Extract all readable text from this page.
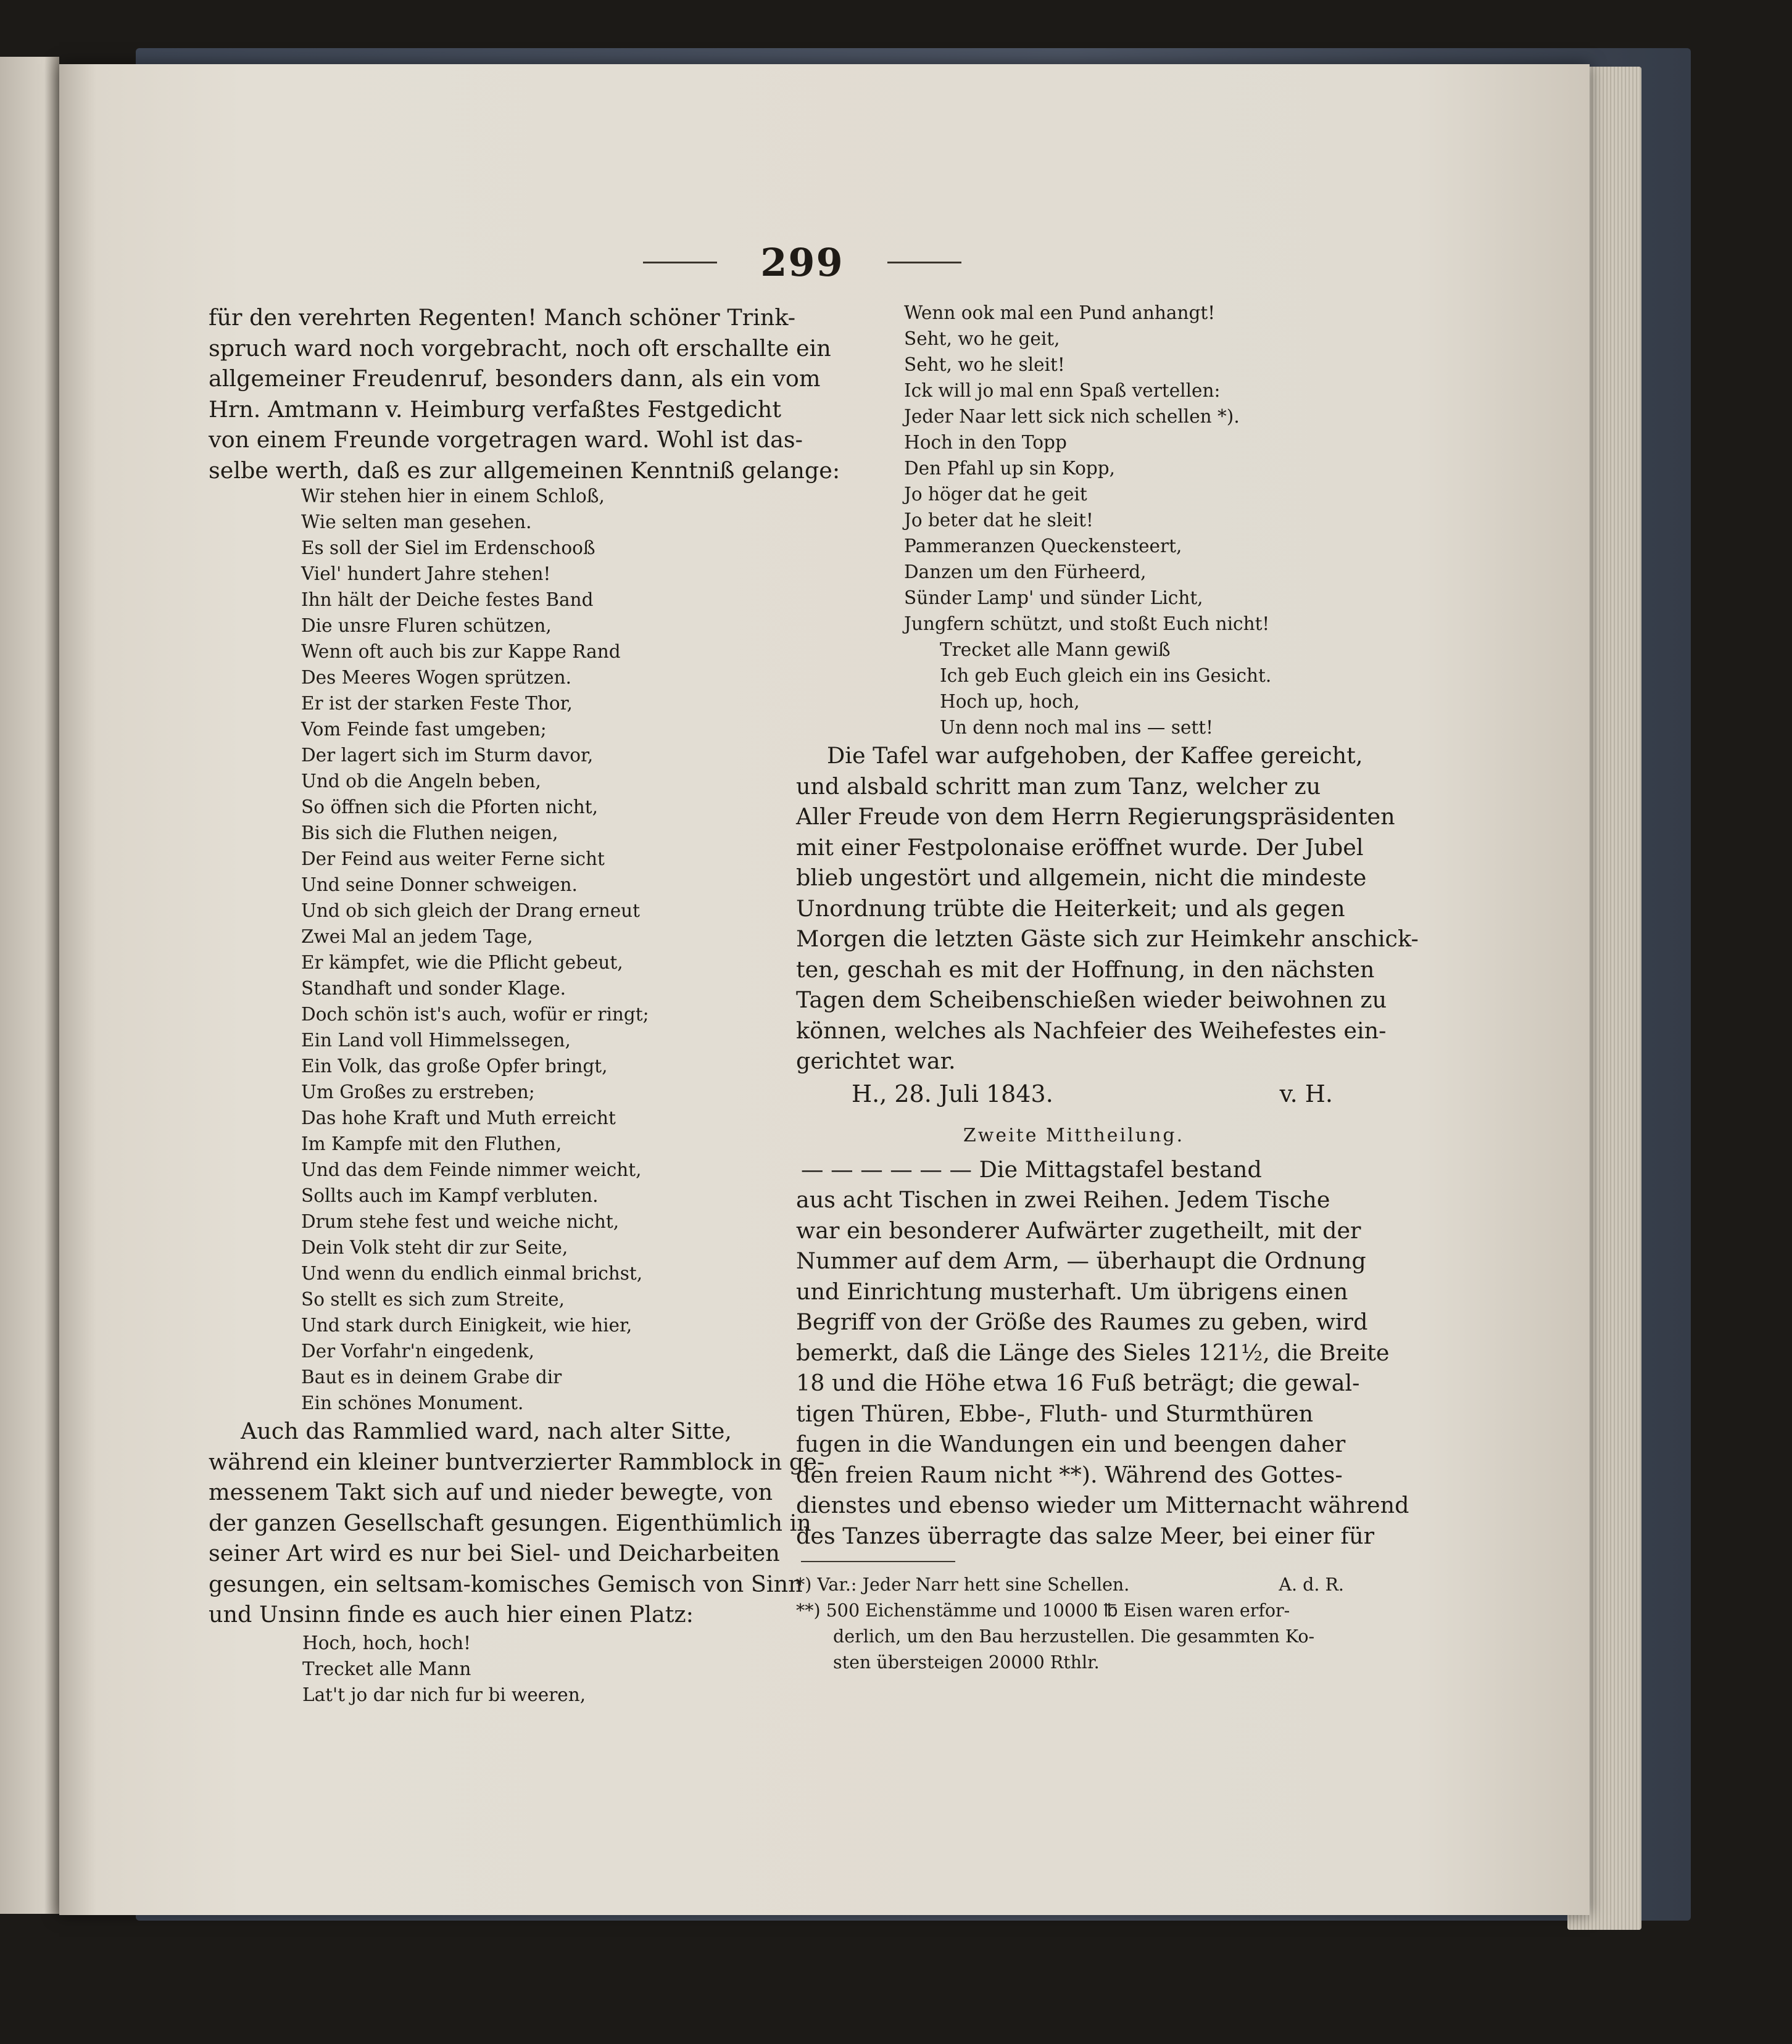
299
für den verehrten Regenten! Manch schöner Trink-
spruch ward noch vorgebracht, noch oft erschallte ein
allgemeiner Freudenruf, besonders dann, als ein vom
Hrn. Amtmann v. Heimburg verfaßtes Festgedicht
von einem Freunde vorgetragen ward. Wohl ist das-
selbe werth, daß es zur allgemeinen Kenntniß gelange:
Wir stehen hier in einem Schloß,
Wie selten man gesehen.
Es soll der Siel im Erdenschooß
Viel' hundert Jahre stehen!
Ihn hält der Deiche festes Band
Die unsre Fluren schützen,
Wenn oft auch bis zur Kappe Rand
Des Meeres Wogen sprützen.
Er ist der starken Feste Thor,
Vom Feinde fast umgeben;
Der lagert sich im Sturm davor,
Und ob die Angeln beben,
So öffnen sich die Pforten nicht,
Bis sich die Fluthen neigen,
Der Feind aus weiter Ferne sicht
Und seine Donner schweigen.
Und ob sich gleich der Drang erneut
Zwei Mal an jedem Tage,
Er kämpfet, wie die Pflicht gebeut,
Standhaft und sonder Klage.
Doch schön ist's auch, wofür er ringt;
Ein Land voll Himmelssegen,
Ein Volk, das große Opfer bringt,
Um Großes zu erstreben;
Das hohe Kraft und Muth erreicht
Im Kampfe mit den Fluthen,
Und das dem Feinde nimmer weicht,
Sollts auch im Kampf verbluten.
Drum stehe fest und weiche nicht,
Dein Volk steht dir zur Seite,
Und wenn du endlich einmal brichst,
So stellt es sich zum Streite,
Und stark durch Einigkeit, wie hier,
Der Vorfahr'n eingedenk,
Baut es in deinem Grabe dir
Ein schönes Monument.
Auch das Rammlied ward, nach alter Sitte,
während ein kleiner buntverzierter Rammblock in ge-
messenem Takt sich auf und nieder bewegte, von
der ganzen Gesellschaft gesungen. Eigenthümlich in
seiner Art wird es nur bei Siel- und Deicharbeiten
gesungen, ein seltsam-komisches Gemisch von Sinn
und Unsinn finde es auch hier einen Platz:
Hoch, hoch, hoch!
Trecket alle Mann
Lat't jo dar nich fur bi weeren,
Wenn ook mal een Pund anhangt!
Seht, wo he geit,
Seht, wo he sleit!
Ick will jo mal enn Spaß vertellen:
Jeder Naar lett sick nich schellen *).
Hoch in den Topp
Den Pfahl up sin Kopp,
Jo höger dat he geit
Jo beter dat he sleit!
Pammeranzen Queckensteert,
Danzen um den Fürheerd,
Sünder Lamp' und sünder Licht,
Jungfern schützt, und stoßt Euch nicht!
Trecket alle Mann gewiß
Ich geb Euch gleich ein ins Gesicht.
Hoch up, hoch,
Un denn noch mal ins — sett!
Die Tafel war aufgehoben, der Kaffee gereicht,
und alsbald schritt man zum Tanz, welcher zu
Aller Freude von dem Herrn Regierungspräsidenten
mit einer Festpolonaise eröffnet wurde. Der Jubel
blieb ungestört und allgemein, nicht die mindeste
Unordnung trübte die Heiterkeit; und als gegen
Morgen die letzten Gäste sich zur Heimkehr anschick-
ten, geschah es mit der Hoffnung, in den nächsten
Tagen dem Scheibenschießen wieder beiwohnen zu
können, welches als Nachfeier des Weihefestes ein-
gerichtet war.
H., 28. Juli 1843.	v. H.
Zweite Mittheilung.
— — — — — — Die Mittagstafel bestand
aus acht Tischen in zwei Reihen. Jedem Tische
war ein besonderer Aufwärter zugetheilt, mit der
Nummer auf dem Arm, — überhaupt die Ordnung
und Einrichtung musterhaft. Um übrigens einen
Begriff von der Größe des Raumes zu geben, wird
bemerkt, daß die Länge des Sieles 121½, die Breite
18 und die Höhe etwa 16 Fuß beträgt; die gewal-
tigen Thüren, Ebbe-, Fluth- und Sturmthüren
fugen in die Wandungen ein und beengen daher
den freien Raum nicht **). Während des Gottes-
dienstes und ebenso wieder um Mitternacht während
des Tanzes überragte das salze Meer, bei einer für
*) Var.: Jeder Narr hett sine Schellen.	A. d. R.
**) 500 Eichenstämme und 10000 ℔ Eisen waren erfor-
derlich, um den Bau herzustellen. Die gesammten Ko-
sten übersteigen 20000 Rthlr.
